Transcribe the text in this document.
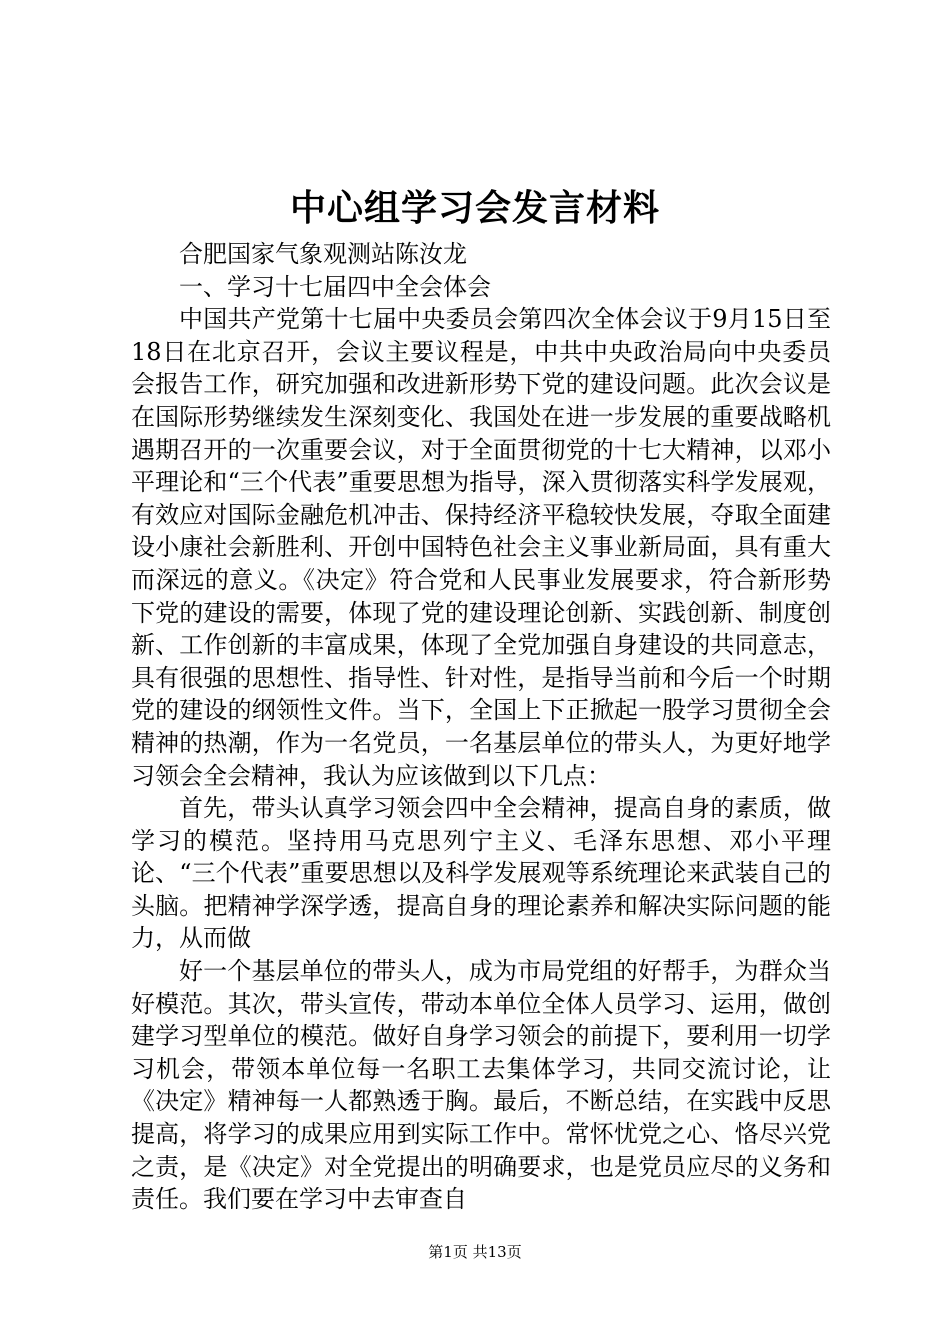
中心组学习会发言材料

合肥国家气象观测站陈汝龙

一、学习十七届四中全会体会

中国共产党第十七届中央委员会第四次全体会议于9月15日至18日在北京召开，会议主要议程是，中共中央政治局向中央委员会报告工作，研究加强和改进新形势下党的建设问题。此次会议是在国际形势继续发生深刻变化、我国处在进一步发展的重要战略机遇期召开的一次重要会议，对于全面贯彻党的十七大精神，以邓小平理论和“三个代表”重要思想为指导，深入贯彻落实科学发展观，有效应对国际金融危机冲击、保持经济平稳较快发展，夺取全面建设小康社会新胜利、开创中国特色社会主义事业新局面，具有重大而深远的意义。《决定》符合党和人民事业发展要求，符合新形势下党的建设的需要，体现了党的建设理论创新、实践创新、制度创新、工作创新的丰富成果，体现了全党加强自身建设的共同意志，具有很强的思想性、指导性、针对性，是指导当前和今后一个时期党的建设的纲领性文件。当下，全国上下正掀起一股学习贯彻全会精神的热潮，作为一名党员，一名基层单位的带头人，为更好地学习领会全会精神，我认为应该做到以下几点：

首先，带头认真学习领会四中全会精神，提高自身的素质，做学习的模范。坚持用马克思列宁主义、毛泽东思想、邓小平理论、“三个代表”重要思想以及科学发展观等系统理论来武装自己的头脑。把精神学深学透，提高自身的理论素养和解决实际问题的能力，从而做

好一个基层单位的带头人，成为市局党组的好帮手，为群众当好模范。其次，带头宣传，带动本单位全体人员学习、运用，做创建学习型单位的模范。做好自身学习领会的前提下，要利用一切学习机会，带领本单位每一名职工去集体学习，共同交流讨论，让《决定》精神每一人都熟透于胸。最后，不断总结，在实践中反思提高，将学习的成果应用到实际工作中。常怀忧党之心、恪尽兴党之责，是《决定》对全党提出的明确要求，也是党员应尽的义务和责任。我们要在学习中去审查自

第1页 共13页
